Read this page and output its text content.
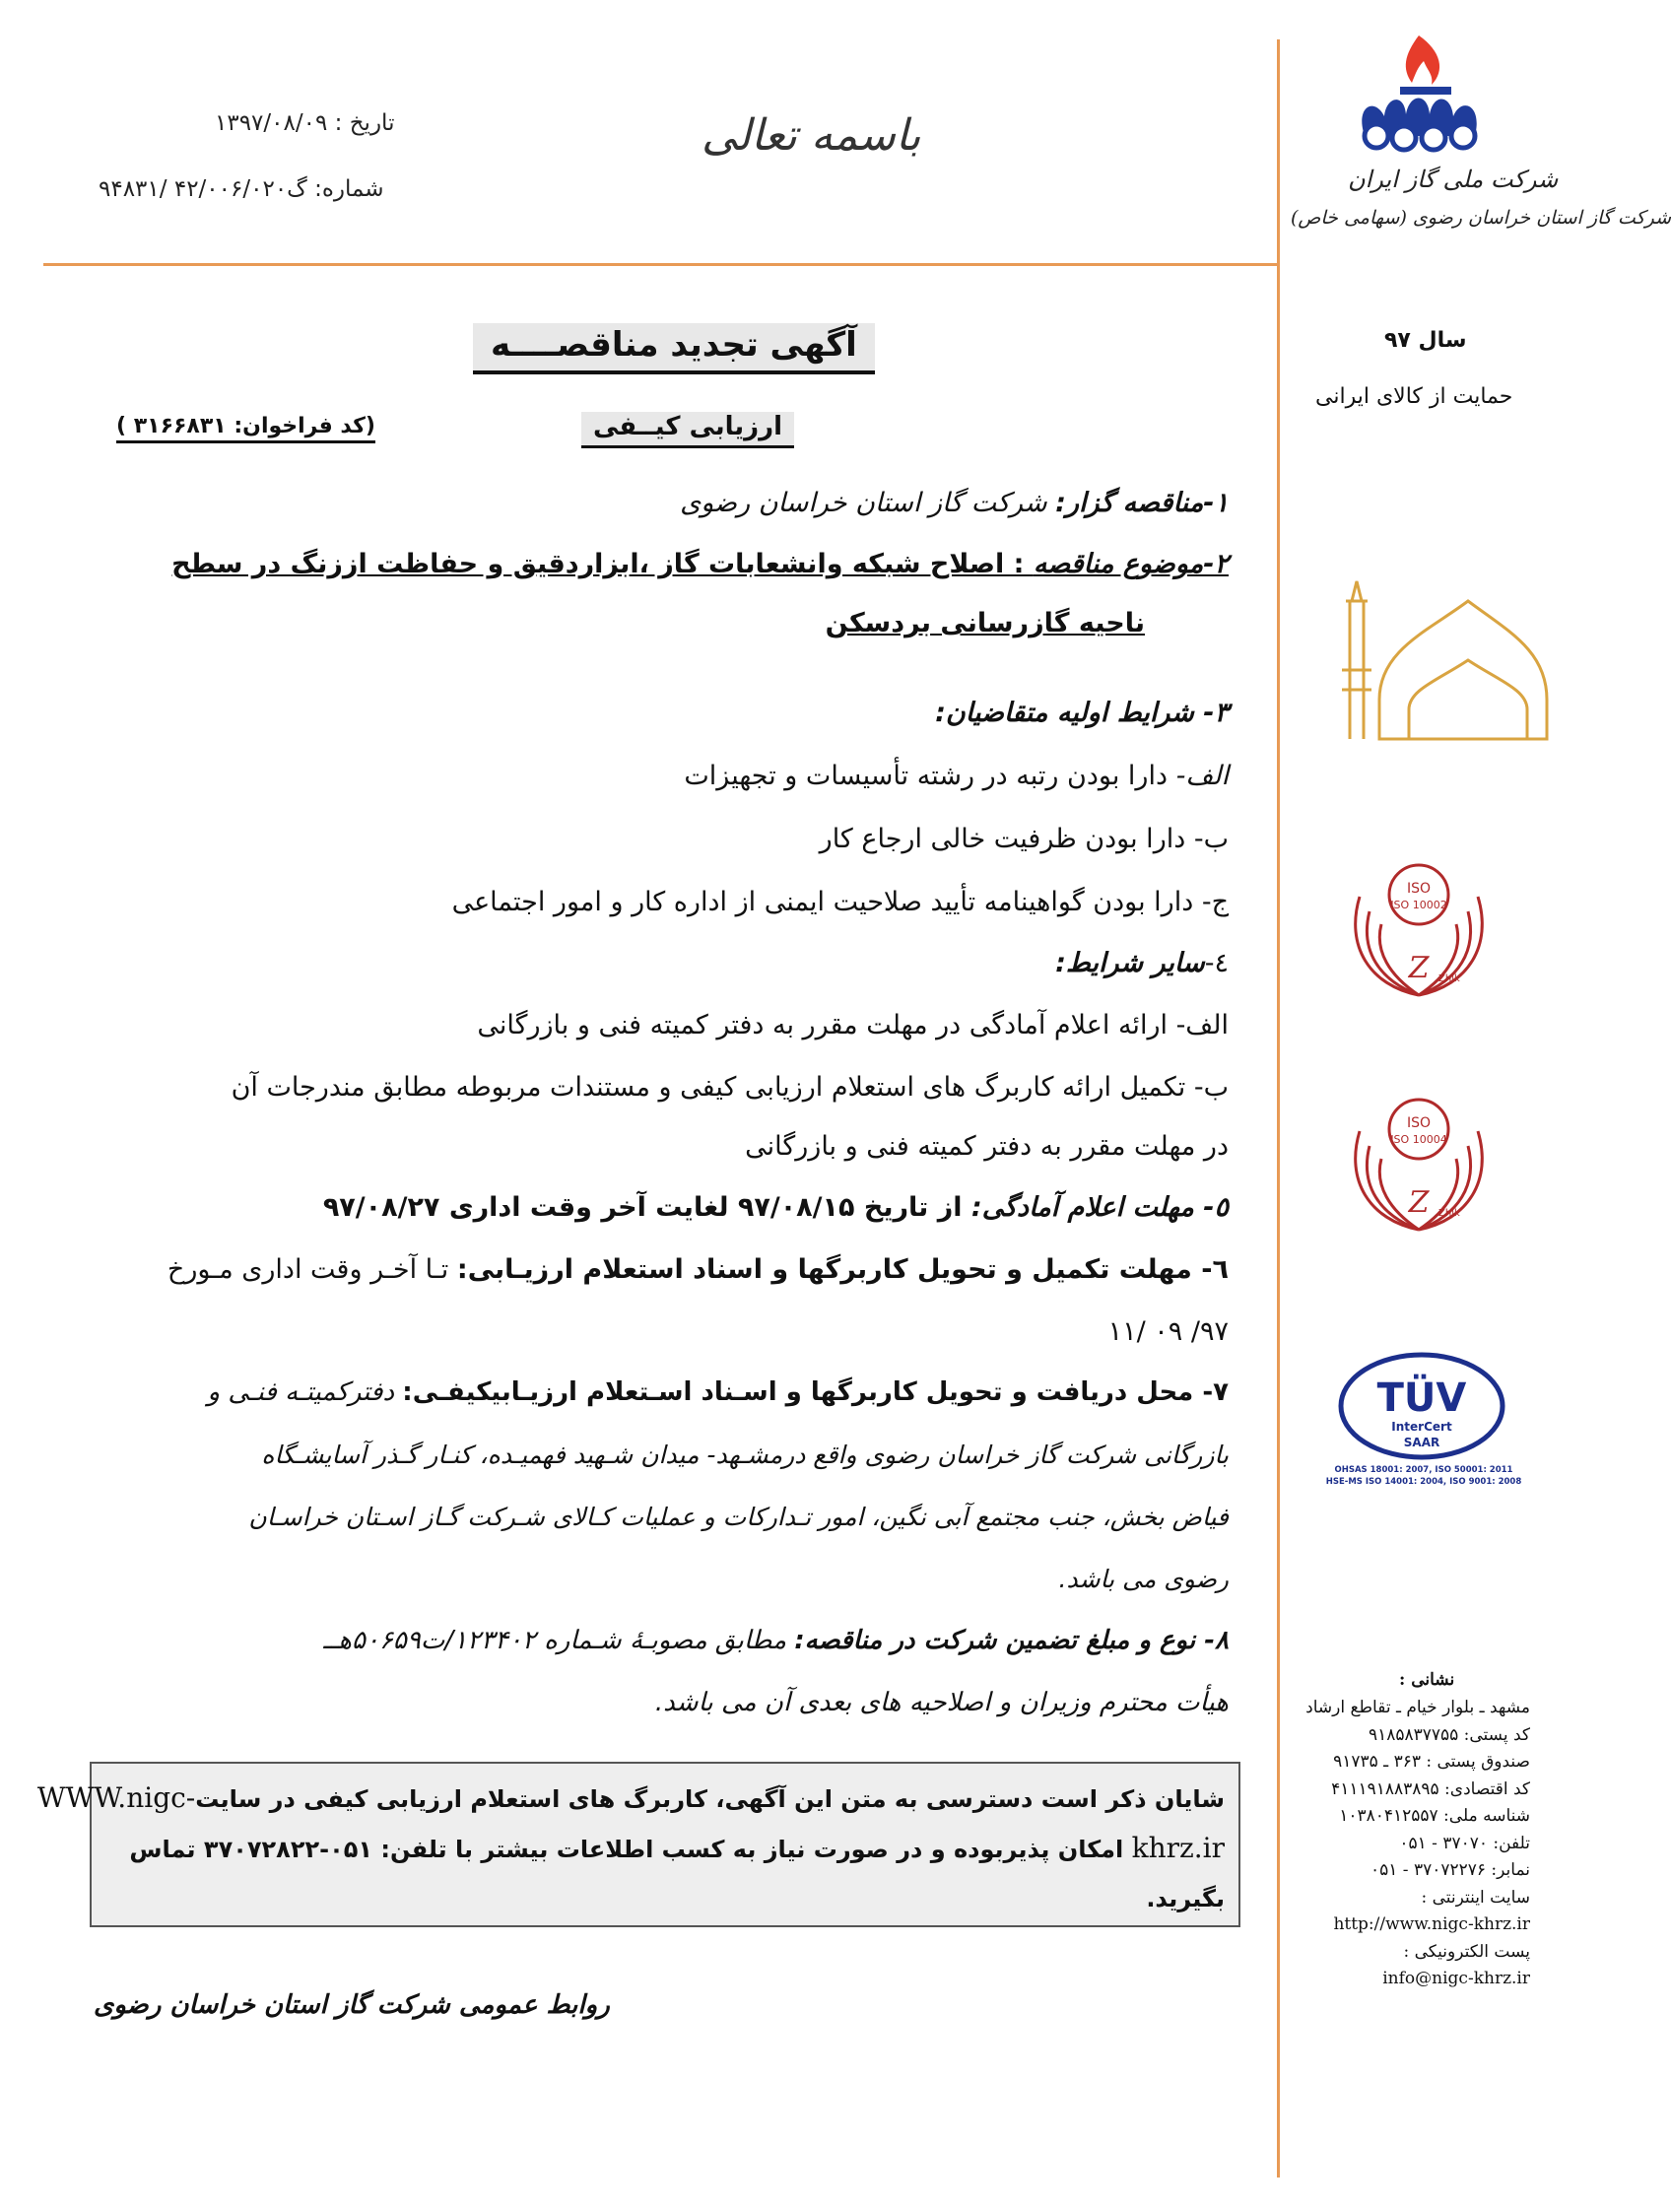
باسمه تعالی
تاریخ : ۱۳۹۷/۰۸/۰۹
شماره: گ۴۲/۰۰۶/۰۲۰ /۹۴۸۳۱	شرکت ملی گاز ایران
شرکت گاز استان خراسان رضوی (سهامی خاص)
سال ۹۷
حمایت از کالای ایرانی
ISO
ISO 10002
Z Zhik
ISO
ISO 10004
Z Zhik
TÜV
InterCert
SAAR
OHSAS 18001: 2007, ISO 50001: 2011
HSE-MS ISO 14001: 2004, ISO 9001: 2008
نشانی :
مشهد ـ بلوار خیام ـ تقاطع ارشاد
کد پستی: ۹۱۸۵۸۳۷۷۵۵
صندوق پستی : ۳۶۳ ـ ۹۱۷۳۵
کد اقتصادی: ۴۱۱۱۹۱۸۸۳۸۹۵
شناسه ملی: ۱۰۳۸۰۴۱۲۵۵۷
تلفن: ۳۷۰۷۰ - ۰۵۱
نمابر: ۳۷۰۷۲۲۷۶ - ۰۵۱
سایت اینترنتی :
http://www.nigc-khrz.ir
پست الکترونیکی :
info@nigc-khrz.ir
آگهی تجدید مناقصــــه
ارزیابی کیــفی
(کد فراخوان: ۳۱۶۶۸۳۱ )
۱-مناقصه گزار: شرکت گاز استان خراسان رضوی
۲-موضوع مناقصه : اصلاح شبکه وانشعابات گاز ،ابزاردقیق و حفاظت اززنگ در سطح
ناحیه گازرسانی بردسکن
۳- شرایط اولیه متقاضیان:
الف- دارا بودن رتبه در رشته تأسیسات و تجهیزات
ب- دارا بودن ظرفیت خالی ارجاع کار
ج- دارا بودن گواهینامه تأیید صلاحیت ایمنی از اداره کار و امور اجتماعی
٤-سایر شرایط:
الف- ارائه اعلام آمادگی در مهلت مقرر به دفتر کمیته فنی و بازرگانی
ب- تکمیل ارائه کاربرگ های استعلام ارزیابی کیفی و مستندات مربوطه مطابق مندرجات آن
در مهلت مقرر به دفتر کمیته فنی و بازرگانی
٥- مهلت اعلام آمادگی: از تاریخ ۹۷/۰۸/۱۵ لغایت آخر وقت اداری ۹۷/۰۸/۲۷
٦- مهلت تکمیل و تحویل کاربرگها و اسناد استعلام ارزیـابی: تـا آخـر وقت اداری مـورخ
۹۷/ ۰۹ /۱۱
۷- محل دریافت و تحویل کاربرگها و اسـناد اسـتعلام ارزیـابیکیفـی: دفترکمیتـه فنـی و
بازرگانی شرکت گاز خراسان رضوی واقع درمشـهد- میدان شـهید فهمیـده، کنـار گـذر آسایشـگاه
فیاض بخش، جنب مجتمع آبی نگین، امور تـدارکات و عملیات کـالای شـرکت گـاز اسـتان خراسـان
رضوی می باشد.
۸- نوع و مبلغ تضمین شرکت در مناقصه: مطابق مصوبـۀ شـماره ۱۲۳۴۰۲/ت۵۰۶۵۹هــ
هیأت محترم وزیران و اصلاحیه های بعدی آن می باشد.
شایان ذکر است دسترسی به متن این آگهی، کاربرگ های استعلام ارزیابی کیفی در سایتWWW.nigc-
khrz.ir امکان پذیربوده و در صورت نیاز به کسب اطلاعات بیشتر با تلفن: ۰۵۱-۳۷۰۷۲۸۲۲ تماس
بگیرید.
روابط عمومی شرکت گاز استان خراسان رضوی
